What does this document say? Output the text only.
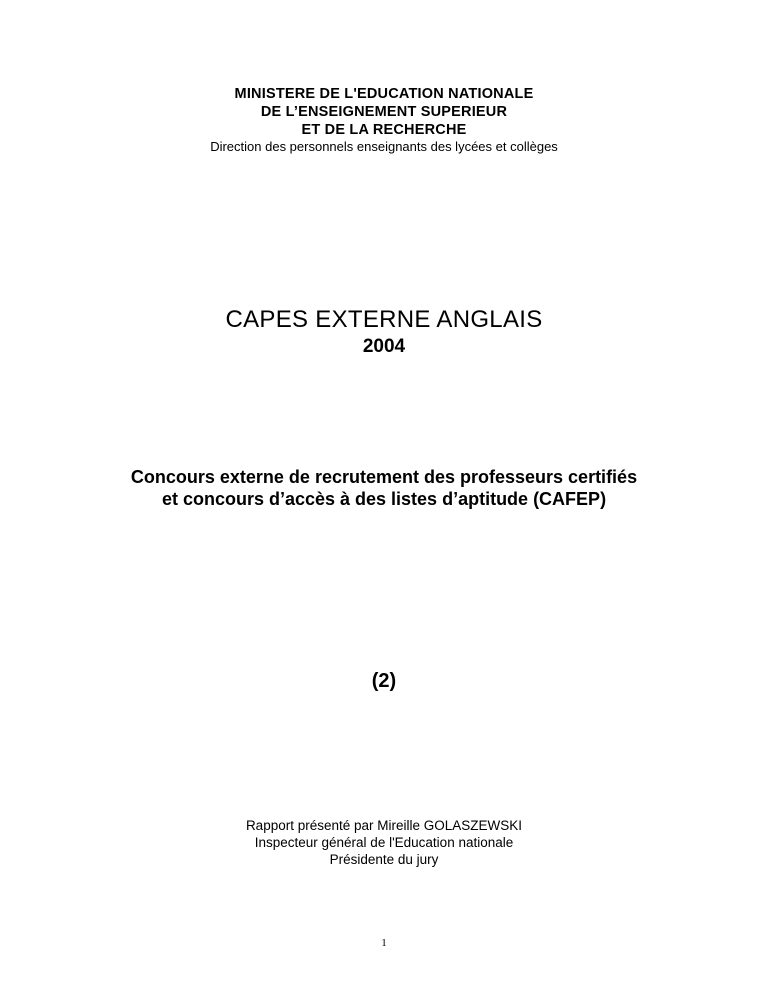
MINISTERE DE L'EDUCATION NATIONALE
DE L’ENSEIGNEMENT SUPERIEUR
ET DE LA RECHERCHE
Direction des personnels enseignants des lycées et collèges
CAPES EXTERNE ANGLAIS
2004
Concours externe de recrutement des professeurs certifiés
et concours d’accès à des listes d’aptitude (CAFEP)
(2)
Rapport présenté par Mireille GOLASZEWSKI
Inspecteur général de l'Education nationale
Présidente du jury
1
